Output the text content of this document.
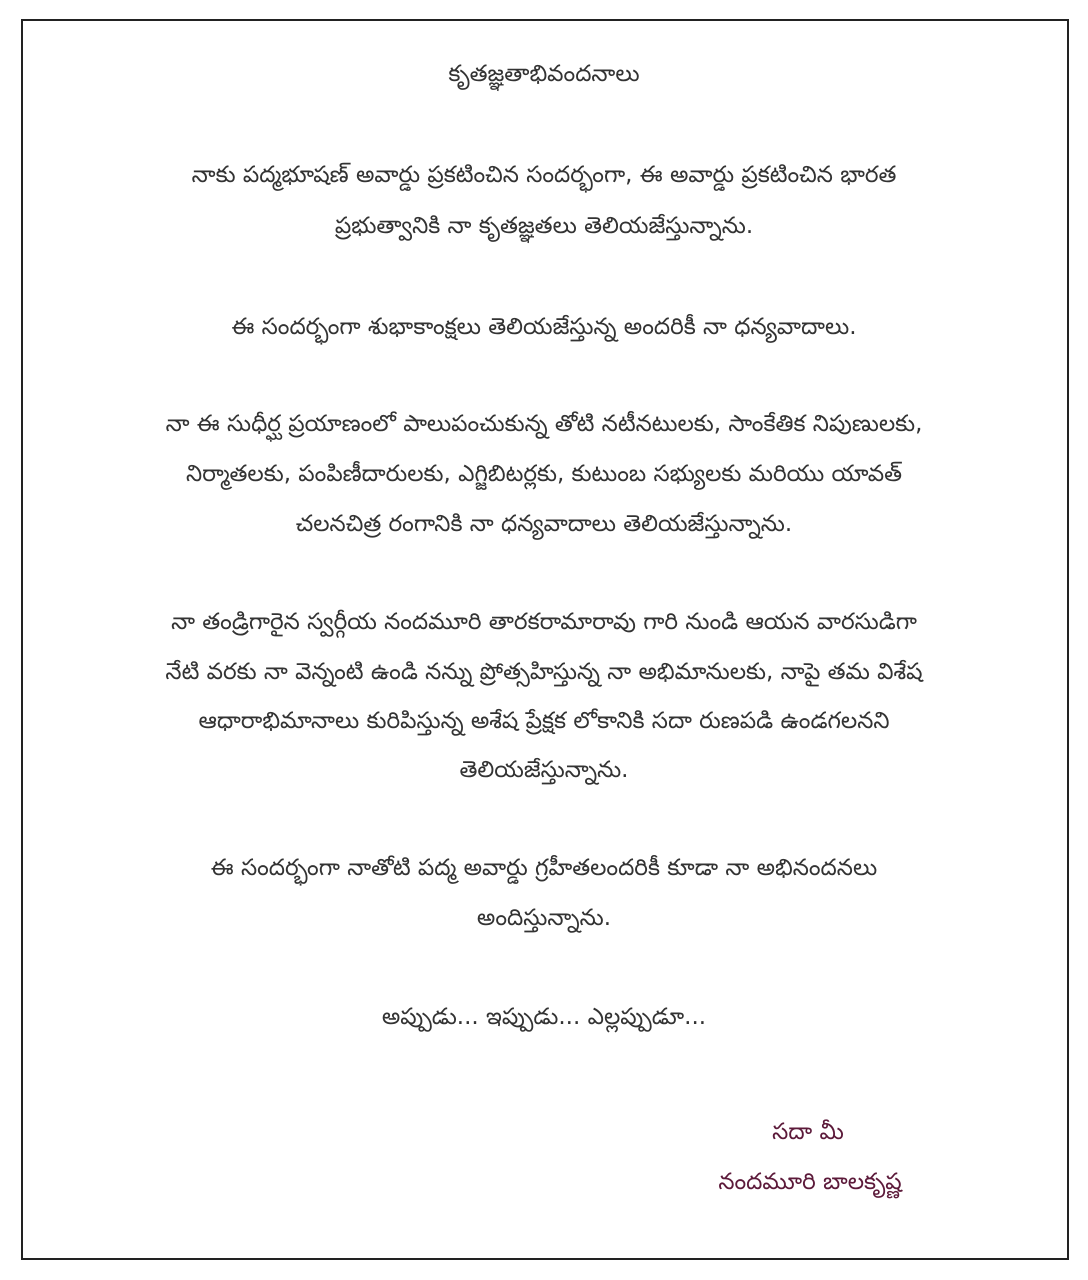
కృతజ్ఞతాభివందనాలు
నాకు పద్మభూషణ్ అవార్డు ప్రకటించిన సందర్భంగా, ఈ అవార్డు ప్రకటించిన భారత
ప్రభుత్వానికి నా కృతజ్ఞతలు తెలియజేస్తున్నాను.
ఈ సందర్భంగా శుభాకాంక్షలు తెలియజేస్తున్న అందరికీ నా ధన్యవాదాలు.
నా ఈ సుధీర్ఘ ప్రయాణంలో పాలుపంచుకున్న తోటి నటీనటులకు, సాంకేతిక నిపుణులకు,
నిర్మాతలకు, పంపిణీదారులకు, ఎగ్జిబిటర్లకు, కుటుంబ సభ్యులకు మరియు యావత్
చలనచిత్ర రంగానికి నా ధన్యవాదాలు తెలియజేస్తున్నాను.
నా తండ్రిగారైన స్వర్గీయ నందమూరి తారకరామారావు గారి నుండి ఆయన వారసుడిగా
నేటి వరకు నా వెన్నంటి ఉండి నన్ను ప్రోత్సహిస్తున్న నా అభిమానులకు, నాపై తమ విశేష
ఆధారాభిమానాలు కురిపిస్తున్న అశేష ప్రేక్షక లోకానికి సదా రుణపడి ఉండగలనని
తెలియజేస్తున్నాను.
ఈ సందర్భంగా నాతోటి పద్మ అవార్డు గ్రహీతలందరికీ కూడా నా అభినందనలు
అందిస్తున్నాను.
అప్పుడు... ఇప్పుడు... ఎల్లప్పుడూ...
సదా మీ
నందమూరి బాలకృష్ణ
